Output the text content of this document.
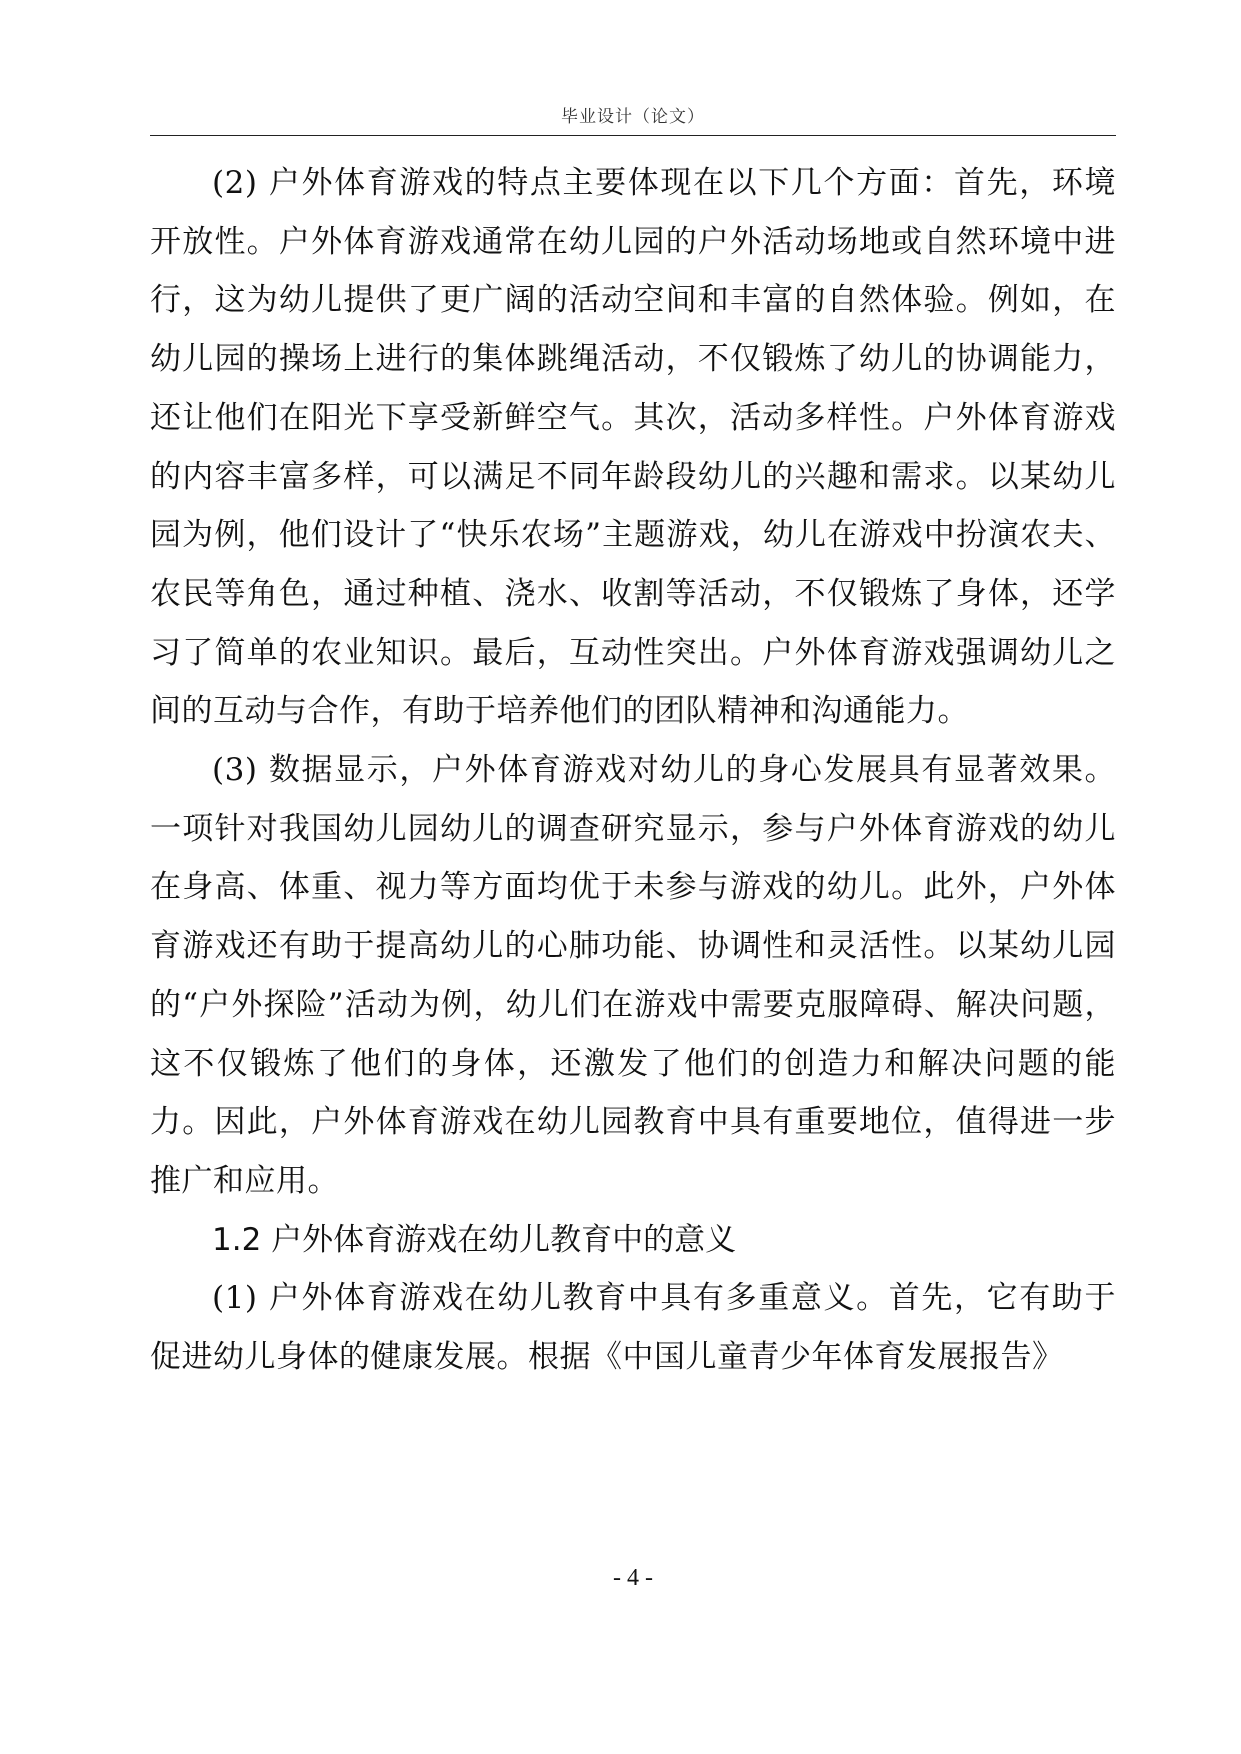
毕业设计（论文）

(2) 户外体育游戏的特点主要体现在以下几个方面：首先，环境开放性。户外体育游戏通常在幼儿园的户外活动场地或自然环境中进行，这为幼儿提供了更广阔的活动空间和丰富的自然体验。例如，在幼儿园的操场上进行的集体跳绳活动，不仅锻炼了幼儿的协调能力，还让他们在阳光下享受新鲜空气。其次，活动多样性。户外体育游戏的内容丰富多样，可以满足不同年龄段幼儿的兴趣和需求。以某幼儿园为例，他们设计了“快乐农场”主题游戏，幼儿在游戏中扮演农夫、农民等角色，通过种植、浇水、收割等活动，不仅锻炼了身体，还学习了简单的农业知识。最后，互动性突出。户外体育游戏强调幼儿之间的互动与合作，有助于培养他们的团队精神和沟通能力。

(3) 数据显示，户外体育游戏对幼儿的身心发展具有显著效果。一项针对我国幼儿园幼儿的调查研究显示，参与户外体育游戏的幼儿在身高、体重、视力等方面均优于未参与游戏的幼儿。此外，户外体育游戏还有助于提高幼儿的心肺功能、协调性和灵活性。以某幼儿园的“户外探险”活动为例，幼儿们在游戏中需要克服障碍、解决问题，这不仅锻炼了他们的身体，还激发了他们的创造力和解决问题的能力。因此，户外体育游戏在幼儿园教育中具有重要地位，值得进一步推广和应用。

1.2 户外体育游戏在幼儿教育中的意义

(1) 户外体育游戏在幼儿教育中具有多重意义。首先，它有助于促进幼儿身体的健康发展。根据《中国儿童青少年体育发展报告》

- 4 -
